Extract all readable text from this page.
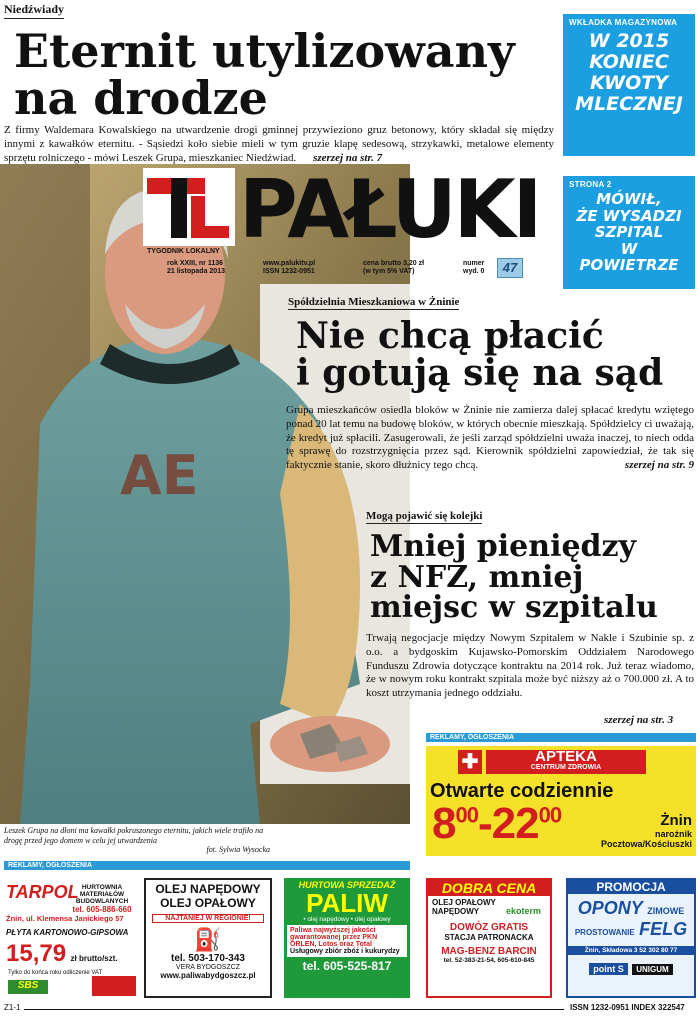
Niedźwiady
Eternit utylizowany
na drodze

Z firmy Waldemara Kowalskiego na utwardzenie drogi gminnej przywieziono gruz betonowy, który składał się między innymi z kawałków eternitu. - Sąsiedzi koło siebie mieli w tym gruzie klapę sedesową, strzykawki, metalowe elementy sprzętu rolniczego - mówi Leszek Grupa, mieszkaniec Niedźwiad. szerzej na str. 7

WKŁADKA MAGAZYNOWA
W 2015
KONIEC
KWOTY
MLECZNEJ
STRONA 2
MÓWIŁ,
ŻE WYSADZI
SZPITAL
W POWIETRZE
AE
TYGODNIK LOKALNY PAŁUKI
rok XXIII, nr 1136
21 listopada 2013
www.palukitv.pl
ISSN 1232-0951
cena brutto 3,20 zł
(w tym 5% VAT)
numer
wyd. 0	47
Spółdzielnia Mieszkaniowa w Żninie
Nie chcą płacić
i gotują się na sąd

Grupa mieszkańców osiedla bloków w Żninie nie zamierza dalej spłacać kredytu wziętego ponad 20 lat temu na budowę bloków, w których obecnie mieszkają. Spółdzielcy ci uważają, że kredyt już spłacili. Zasugerowali, że jeśli zarząd spółdzielni uważa inaczej, to niech odda tę sprawę do rozstrzygnięcia przez sąd. Kierownik spółdzielni zapowiedział, że tak się faktycznie stanie, skoro dłużnicy tego chcą.	szerzej na str. 9

Mogą pojawić się kolejki
Mniej pieniędzy
z NFZ, mniej
miejsc w szpitalu

Trwają negocjacje między Nowym Szpitalem w Nakle i Szubinie sp. z o.o. a bydgoskim Kujawsko-Pomorskim Oddziałem Narodowego Funduszu Zdrowia dotyczące kontraktu na 2014 rok. Już teraz wiadomo, że w nowym roku kontrakt szpitala może być niższy aż o 700.000 zł. A to koszt utrzymania jednego oddziału.

szerzej na str. 3
REKLAMY, OGŁOSZENIA
✚	APTEKA
CENTRUM ZDROWIA
Otwarte codziennie
$8^{00}-22^{00}$	Żnin
narożnik
Pocztowa/Kościuszki
Leszek Grupa na dłoni ma kawałki pokruszonego eternitu, jakich wiele trafiło na drogę przed jego domem w celu jej utwardzenia
fot. Sylwia Wysocka
REKLAMY, OGŁOSZENIA
TARPOL HURTOWNIA MATERIAŁÓW
BUDOWLANYCH
tel. 605-886-660
Żnin, ul. Klemensa Janickiego 57
PŁYTA KARTONOWO-GIPSOWA
15,79 zł brutto/szt.
Tylko do końca roku odliczenie VAT
SBS
OLEJ NAPĘDOWY
OLEJ OPAŁOWY
NAJTANIEJ W REGIONIE!
⛽
tel. 503-170-343
VERA BYDGOSZCZ
www.paliwabydgoszcz.pl
HURTOWA SPRZEDAŻ
PALIW
• olej napędowy • olej opałowy
Paliwa najwyższej jakości gwarantowanej przez PKN ORLEN, Lotos oraz Total
Usługowy zbiór zbóż i kukurydzy
tel. 605-525-817
DOBRA CENA
OLEJ OPAŁOWY
NAPĘDOWY	ekoterm
DOWÓZ GRATIS
STACJA PATRONACKA
MAG-BENZ BARCIN
tel. 52-383-21-54, 605-610-845
PROMOCJA
OPONY ZIMOWE
PROSTOWANIE FELG
Żnin, Składowa 3 52 302 80 77
point S UNIGUM
Z1-1	ISSN 1232-0951 INDEX 322547
